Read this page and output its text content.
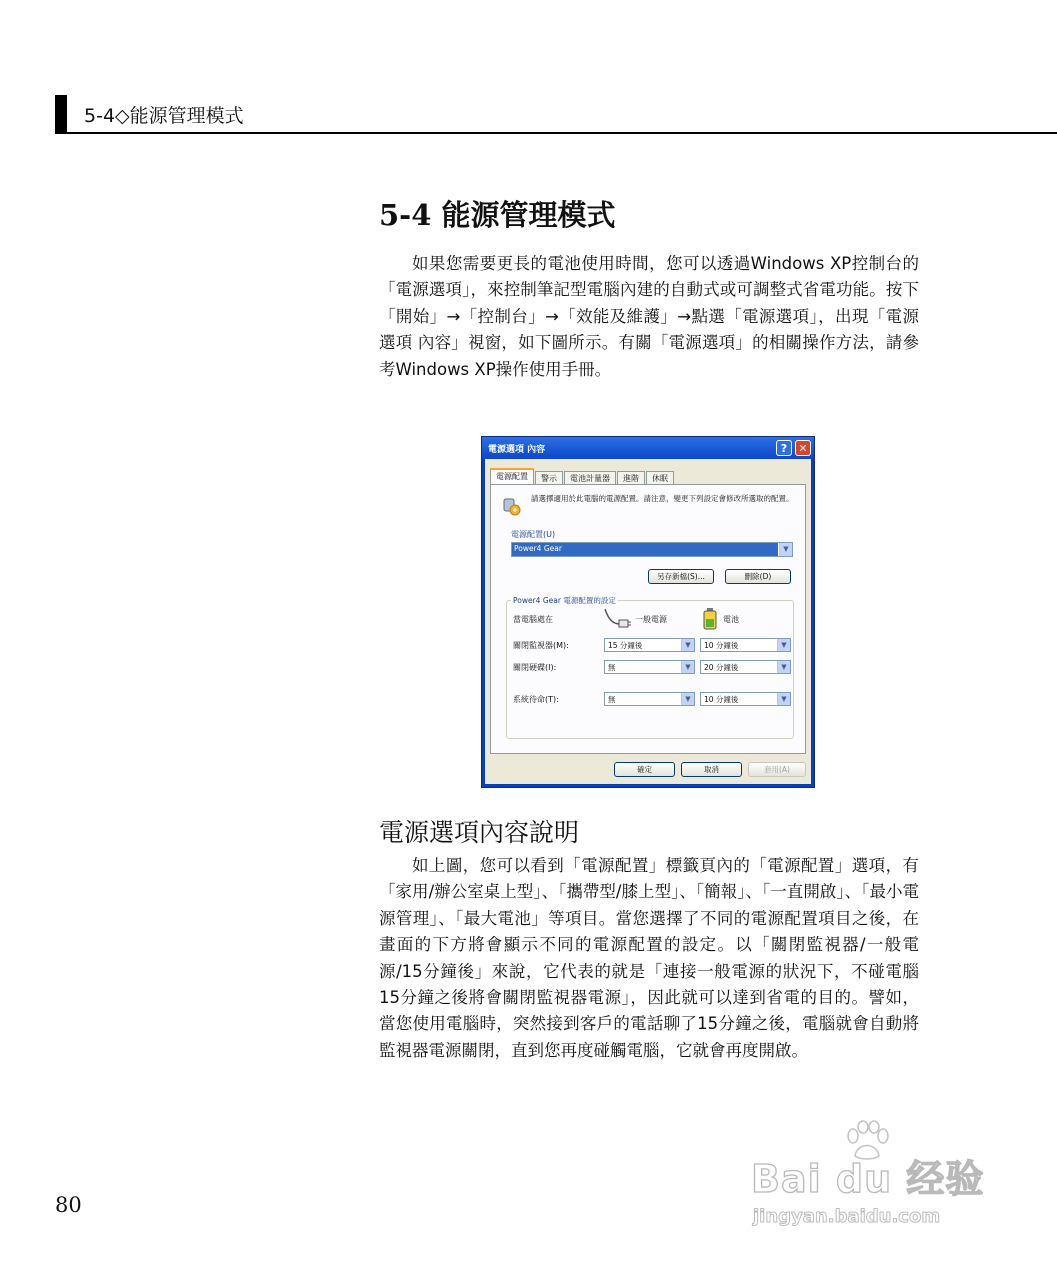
5-4◇能源管理模式
5-4 能源管理模式
如果您需要更長的電池使用時間，您可以透過Windows XP控制台的「電源選項」，來控制筆記型電腦內建的自動式或可調整式省電功能。按下「開始」→「控制台」→「效能及維護」→點選「電源選項」，出現「電源選項 內容」視窗，如下圖所示。有關「電源選項」的相關操作方法，請參考Windows XP操作使用手冊。
電源選項 內容	?	✕
電源配置 警示 電池計量器 進階 休眠
請選擇適用於此電腦的電源配置。請注意，變更下列設定會修改所選取的配置。
電源配置(U)
Power4 Gear	▼
另存新檔(S)...	刪除(D)
Power4 Gear 電源配置的設定
當電腦處在	一般電源	電池
關閉監視器(M):	15 分鐘後	▼	10 分鐘後	▼
關閉硬碟(I):	無	▼	20 分鐘後	▼
系統待命(T):	無	▼	10 分鐘後	▼
確定	取消	套用(A)
電源選項內容說明
如上圖，您可以看到「電源配置」標籤頁內的「電源配置」選項，有「家用/辦公室桌上型」、「攜帶型/膝上型」、「簡報」、「一直開啟」、「最小電源管理」、「最大電池」等項目。當您選擇了不同的電源配置項目之後，在畫面的下方將會顯示不同的電源配置的設定。以「關閉監視器/一般電源/15分鐘後」來說，它代表的就是「連接一般電源的狀況下，不碰電腦15分鐘之後將會關閉監視器電源」，因此就可以達到省電的目的。譬如，當您使用電腦時，突然接到客戶的電話聊了15分鐘之後，電腦就會自動將監視器電源關閉，直到您再度碰觸電腦，它就會再度開啟。
80
Bai du 经验
jingyan.baidu.com
